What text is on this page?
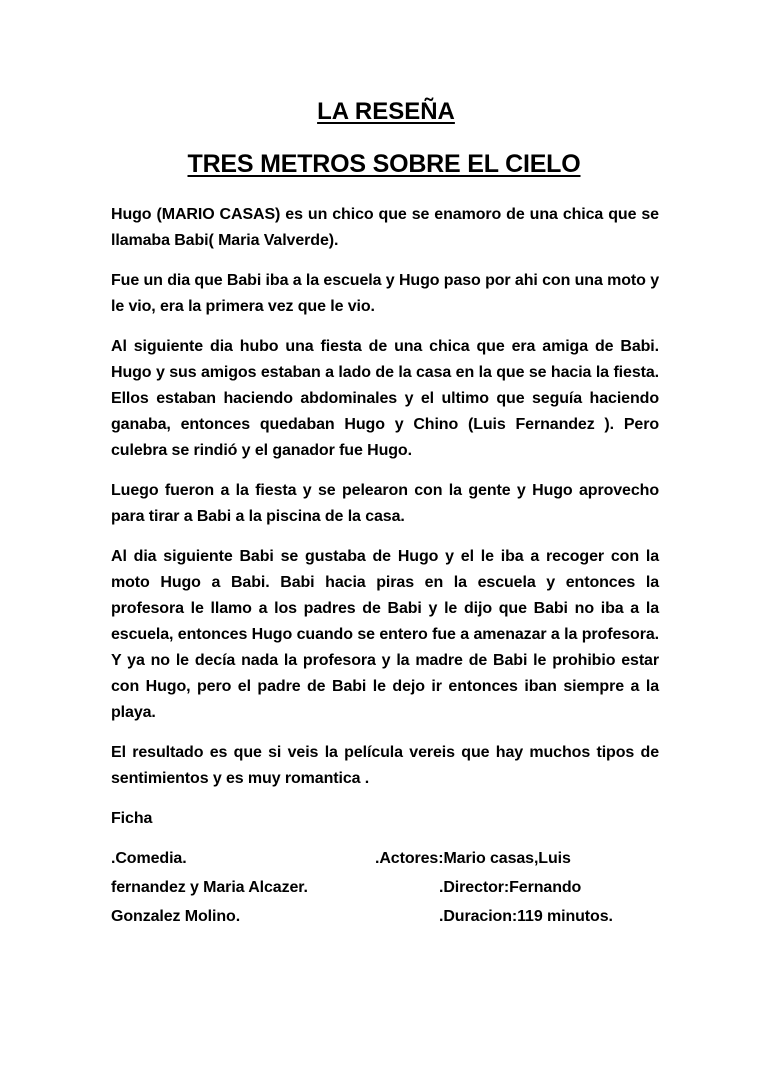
LA RESEÑA
TRES METROS SOBRE EL CIELO

Hugo (MARIO CASAS) es un chico que se enamoro de una chica que se llamaba Babi( Maria Valverde).

Fue un dia que Babi iba a la escuela y Hugo paso por ahi con una moto y le vio, era la primera vez que le vio.

Al siguiente dia hubo una fiesta de una chica que era amiga de Babi. Hugo y sus amigos estaban a lado de la casa en la que se hacia la fiesta. Ellos estaban haciendo abdominales y el ultimo que seguía haciendo ganaba, entonces quedaban Hugo y Chino (Luis Fernandez ). Pero culebra se rindió y el ganador fue Hugo.

Luego fueron a la fiesta y se pelearon con la gente y Hugo aprovecho para tirar a Babi a la piscina de la casa.

Al dia siguiente Babi se gustaba de Hugo y el le iba a recoger con la moto Hugo a Babi. Babi hacia piras en la escuela y entonces la profesora le llamo a los padres de Babi y le dijo que Babi no iba a la escuela, entonces Hugo cuando se entero fue a amenazar a la profesora. Y ya no le decía nada la profesora y la madre de Babi le prohibio estar con Hugo, pero el padre de Babi le dejo ir entonces iban siempre a la playa.

El resultado es que si veis la película vereis que hay muchos tipos de sentimientos y es muy romantica .

Ficha
.Comedia.	.Actores:Mario casas,Luis
fernandez y Maria Alcazer.	.Director:Fernando
Gonzalez Molino.	.Duracion:119 minutos.
